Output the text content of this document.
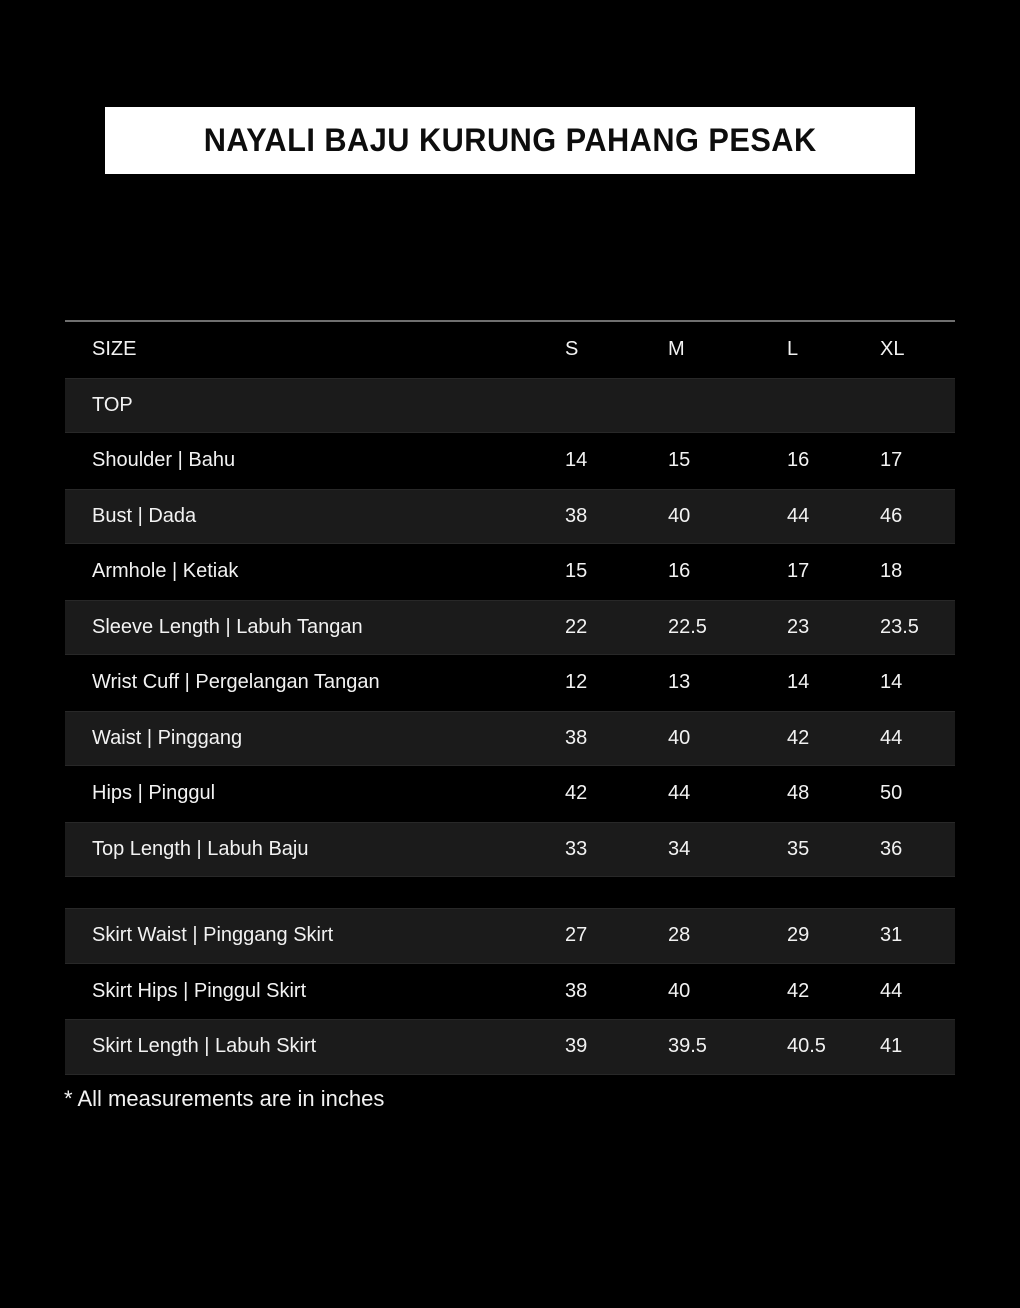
NAYALI BAJU KURUNG PAHANG PESAK
SIZE	S	M	L	XL
TOP
Shoulder | Bahu	14	15	16	17
Bust | Dada	38	40	44	46
Armhole | Ketiak	15	16	17	18
Sleeve Length | Labuh Tangan	22	22.5	23	23.5
Wrist Cuff | Pergelangan Tangan	12	13	14	14
Waist | Pinggang	38	40	42	44
Hips | Pinggul	42	44	48	50
Top Length | Labuh Baju	33	34	35	36
Skirt Waist | Pinggang Skirt	27	28	29	31
Skirt Hips | Pinggul Skirt	38	40	42	44
Skirt Length | Labuh Skirt	39	39.5	40.5	41
* All measurements are in inches
